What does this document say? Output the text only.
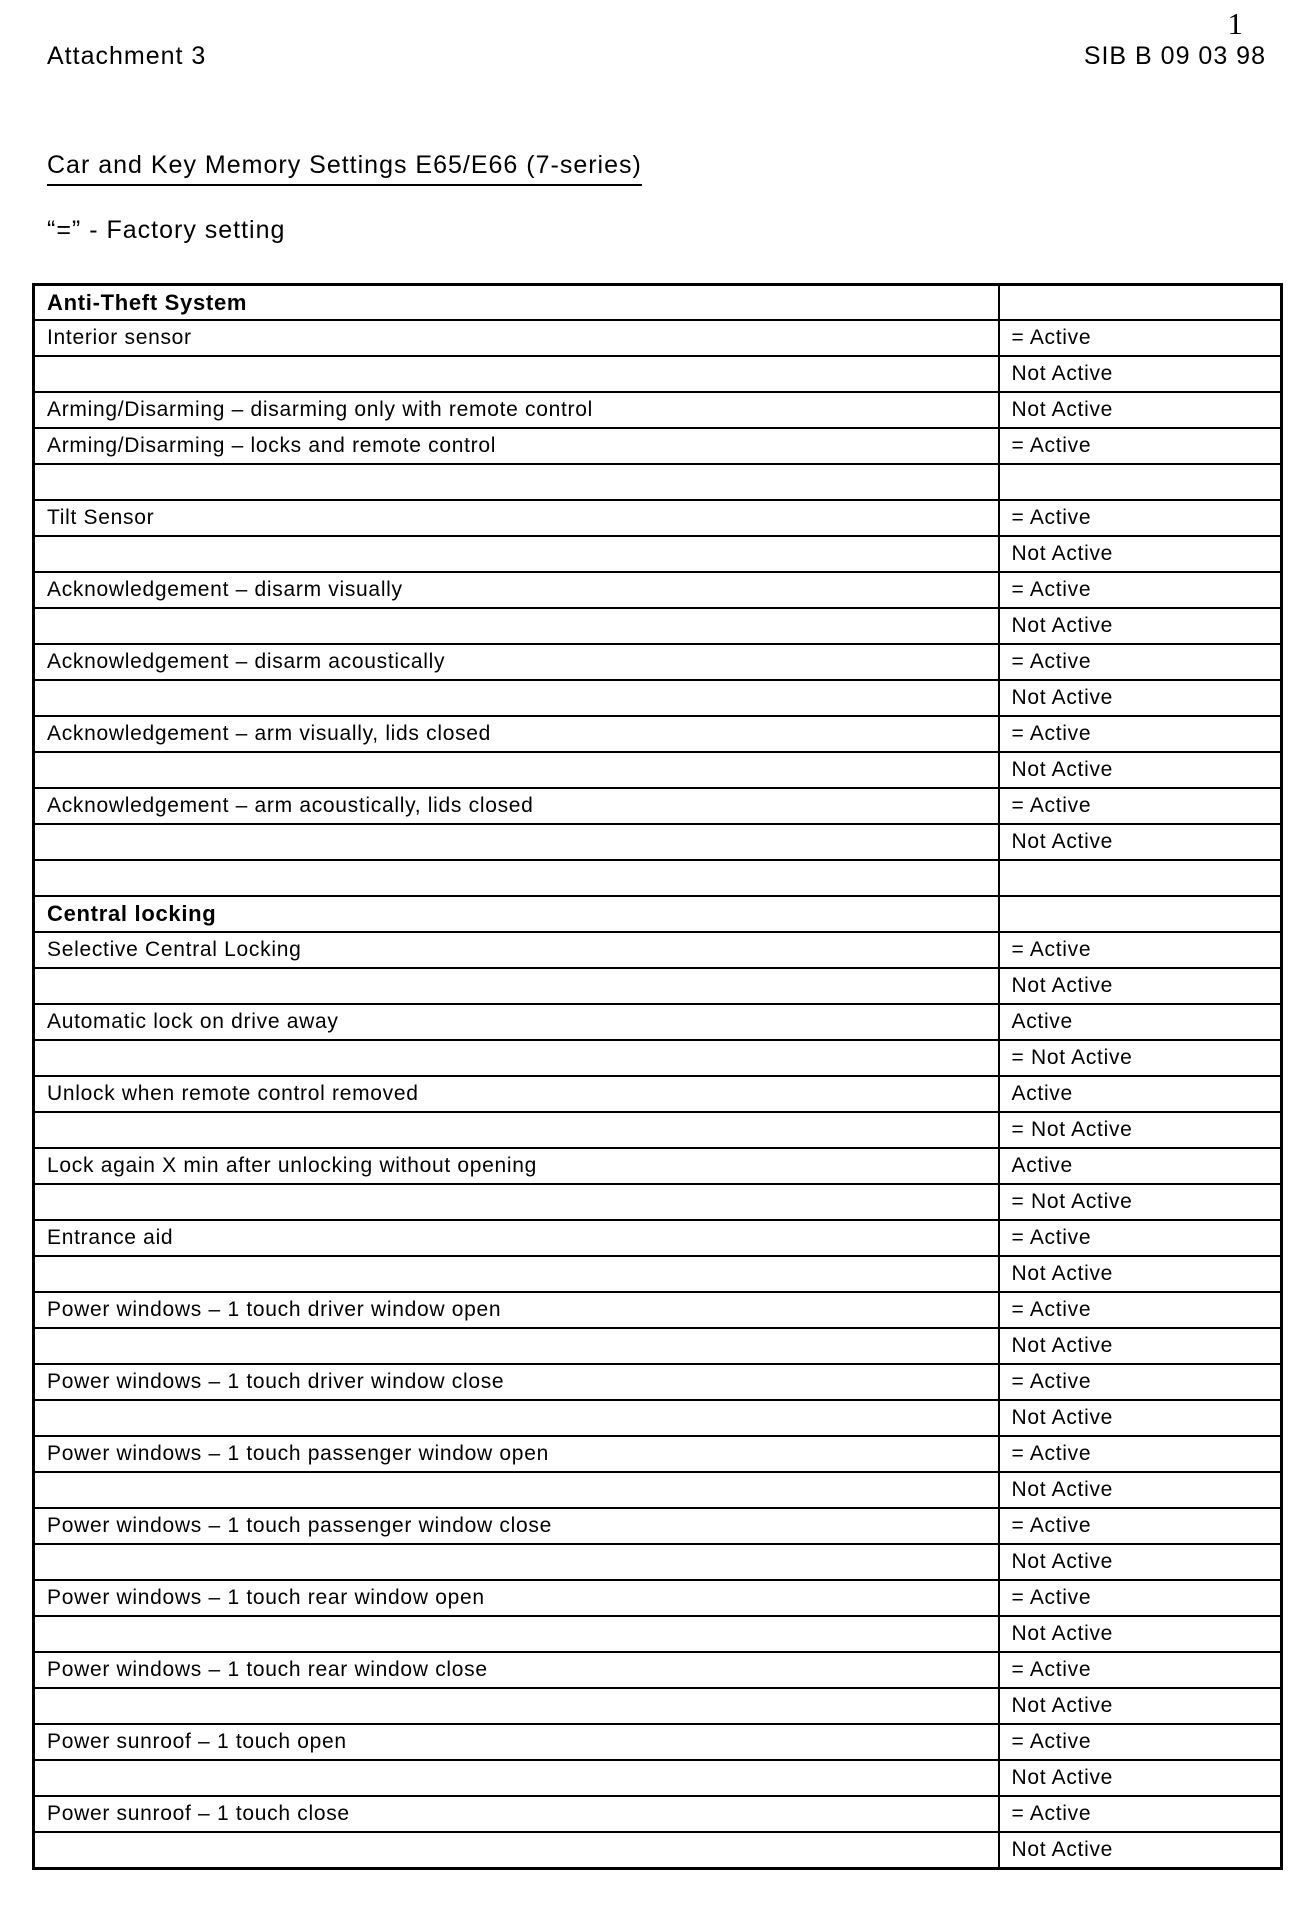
1
Attachment 3	SIB B 09 03 98
Car and Key Memory Settings E65/E66 (7-series)
“=” - Factory setting
Anti-Theft System	
Interior sensor	= Active
	Not Active
Arming/Disarming – disarming only with remote control	Not Active
Arming/Disarming – locks and remote control	= Active

Tilt Sensor	= Active
	Not Active
Acknowledgement – disarm visually	= Active
	Not Active
Acknowledgement – disarm acoustically	= Active
	Not Active
Acknowledgement – arm visually, lids closed	= Active
	Not Active
Acknowledgement – arm acoustically, lids closed	= Active
	Not Active

Central locking	
Selective Central Locking	= Active
	Not Active
Automatic lock on drive away	Active
	= Not Active
Unlock when remote control removed	Active
	= Not Active
Lock again X min after unlocking without opening	Active
	= Not Active
Entrance aid	= Active
	Not Active
Power windows – 1 touch driver window open	= Active
	Not Active
Power windows – 1 touch driver window close	= Active
	Not Active
Power windows – 1 touch passenger window open	= Active
	Not Active
Power windows – 1 touch passenger window close	= Active
	Not Active
Power windows – 1 touch rear window open	= Active
	Not Active
Power windows – 1 touch rear window close	= Active
	Not Active
Power sunroof – 1 touch open	= Active
	Not Active
Power sunroof – 1 touch close	= Active
	Not Active
